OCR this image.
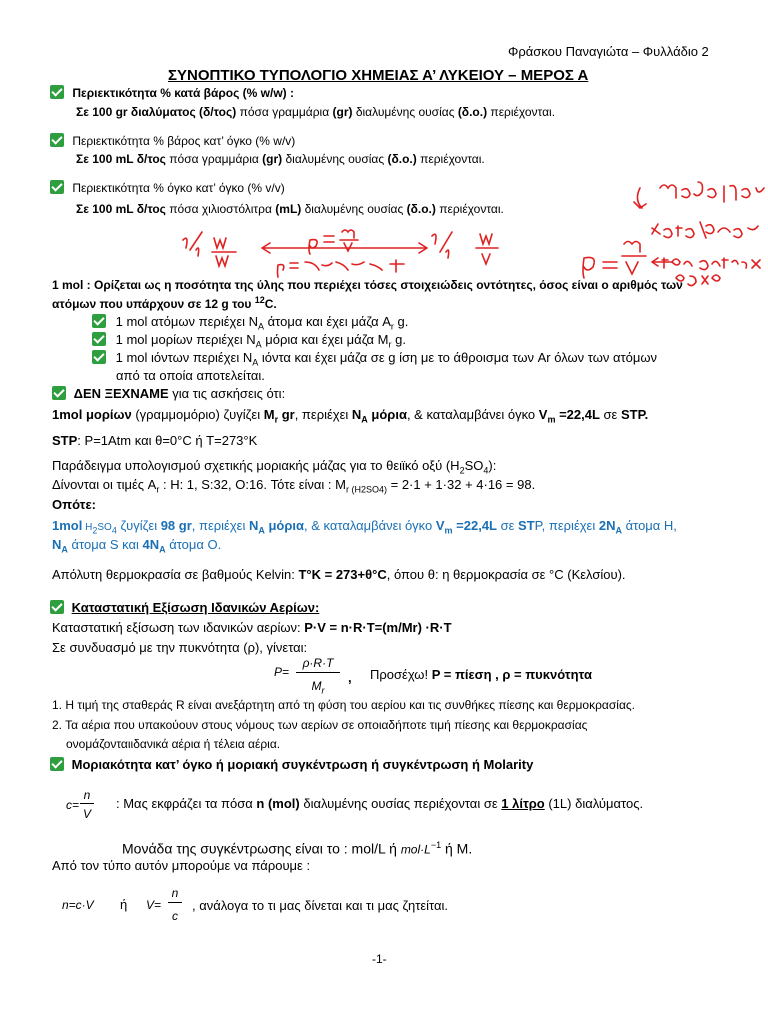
Φράσκου Παναγιώτα – Φυλλάδιο 2
ΣΥΝΟΠΤΙΚΟ ΤΥΠΟΛΟΓΙΟ ΧΗΜΕΙΑΣ Α’ ΛΥΚΕΙΟΥ – ΜΕΡΟΣ Α
Περιεκτικότητα % κατά βάρος (% w/w) :
Σε 100 gr διαλύματος (δ/τος) πόσα γραμμάρια (gr) διαλυμένης ουσίας (δ.ο.) περιέχονται.
Περιεκτικότητα % βάρος κατ’ όγκο (% w/v)
Σε 100 mL δ/τος πόσα γραμμάρια (gr) διαλυμένης ουσίας (δ.ο.) περιέχονται.
Περιεκτικότητα % όγκο κατ’ όγκο (% v/v)
Σε 100 mL δ/τος πόσα χιλιοστόλιτρα (mL) διαλυμένης ουσίας (δ.ο.) περιέχονται.
1 mol : Ορίζεται ως η ποσότητα της ύλης που περιέχει τόσες στοιχειώδεις οντότητες, όσος είναι ο αριθμός των
ατόμων που υπάρχουν σε 12 g του $^{12}$C.
1 mol ατόμων περιέχει $N_A$ άτομα και έχει μάζα $A_r$ g.
1 mol μορίων περιέχει $N_A$ μόρια και έχει μάζα $M_r$ g.
1 mol ιόντων περιέχει $N_A$ ιόντα και έχει μάζα σε g ίση με το άθροισμα των Ar όλων των ατόμων
από τα οποία αποτελείται.
ΔΕΝ ΞΕΧΝΑΜΕ για τις ασκήσεις ότι:
1mol μορίων (γραμμομόριο) ζυγίζει $M_r$ gr, περιέχει $N_A$ μόρια, & καταλαμβάνει όγκο $V_m =22,4L$ σε STP.
STP: P=1Atm και θ=0°C ή T=273°K
Παράδειγμα υπολογισμού σχετικής μοριακής μάζας για το θειϊκό οξύ $(H_2SO_4)$:
Δίνονται οι τιμές $A_r$ : H: 1, S:32, O:16. Τότε είναι : $M_{r (H2SO4)} = 2\cdot 1 + 1\cdot 32 + 4\cdot 16 = 98$.
Οπότε:
1mol $H_2SO_4$ ζυγίζει 98 gr, περιέχει $N_A$ μόρια, & καταλαμβάνει όγκο $V_m =22,4L$ σε STP, περιέχει $2N_A$ άτομα H,
$N_A$ άτομα S και $4N_A$ άτομα O.
Απόλυτη θερμοκρασία σε βαθμούς Kelvin: T°K = 273+θ°C, όπου θ: η θερμοκρασία σε °C (Κελσίου).
Καταστατική Εξίσωση Ιδανικών Αερίων:
Καταστατική εξίσωση των ιδανικών αερίων: P·V = n·R·T=(m/Mr) ·R·T
Σε συνδυασμό με την πυκνότητα (ρ), γίνεται:
$P= \frac{\rho\cdot R\cdot T}{M_r}$ , Προσέχω! P = πίεση , ρ = πυκνότητα
1. Η τιμή της σταθεράς R είναι ανεξάρτητη από τη φύση του αερίου και τις συνθήκες πίεσης και θερμοκρασίας.
2. Τα αέρια που υπακούουν στους νόμους των αερίων σε οποιαδήποτε τιμή πίεσης και θερμοκρασίας
ονομάζονταιιδανικά αέρια ή τέλεια αέρια.
Μοριακότητα κατ’ όγκο ή μοριακή συγκέντρωση ή συγκέντρωση ή Molarity
$c= \frac{n}{V}$ : Μας εκφράζει τα πόσα n (mol) διαλυμένης ουσίας περιέχονται σε 1 λίτρο (1L) διαλύματος.
Μονάδα της συγκέντρωσης είναι το : mol/L ή $mol\cdot L^{-1}$ ή M.
Από τον τύπο αυτόν μπορούμε να πάρουμε :
n=c·V ή $V= \frac{n}{c}$ , ανάλογα το τι μας δίνεται και τι μας ζητείται.
-1-
